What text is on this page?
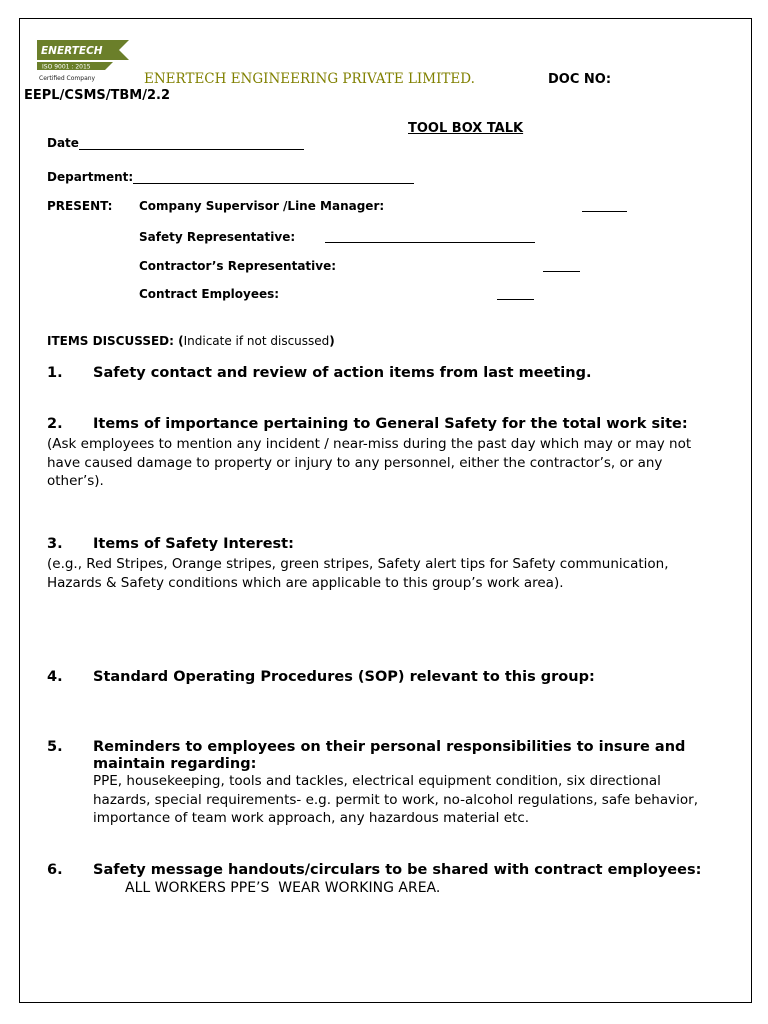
ENERTECH
ISO 9001 : 2015
Certified Company	ENERTECH ENGINEERING PRIVATE LIMITED.	DOC NO:
EEPL/CSMS/TBM/2.2
TOOL BOX TALK
Date
Department:
PRESENT: Company Supervisor /Line Manager:
Safety Representative:
Contractor’s Representative:
Contract Employees:
ITEMS DISCUSSED: (Indicate if not discussed)
1. Safety contact and review of action items from last meeting.
2. Items of importance pertaining to General Safety for the total work site:
(Ask employees to mention any incident / near-miss during the past day which may or may not have caused damage to property or injury to any personnel, either the contractor’s, or any other’s).
3. Items of Safety Interest:
(e.g., Red Stripes, Orange stripes, green stripes, Safety alert tips for Safety communication, Hazards & Safety conditions which are applicable to this group’s work area).
4. Standard Operating Procedures (SOP) relevant to this group:
5. Reminders to employees on their personal responsibilities to insure and maintain regarding:
PPE, housekeeping, tools and tackles, electrical equipment condition, six directional hazards, special requirements- e.g. permit to work, no-alcohol regulations, safe behavior, importance of team work approach, any hazardous material etc.
6. Safety message handouts/circulars to be shared with contract employees:
ALL WORKERS PPE’S  WEAR WORKING AREA.
